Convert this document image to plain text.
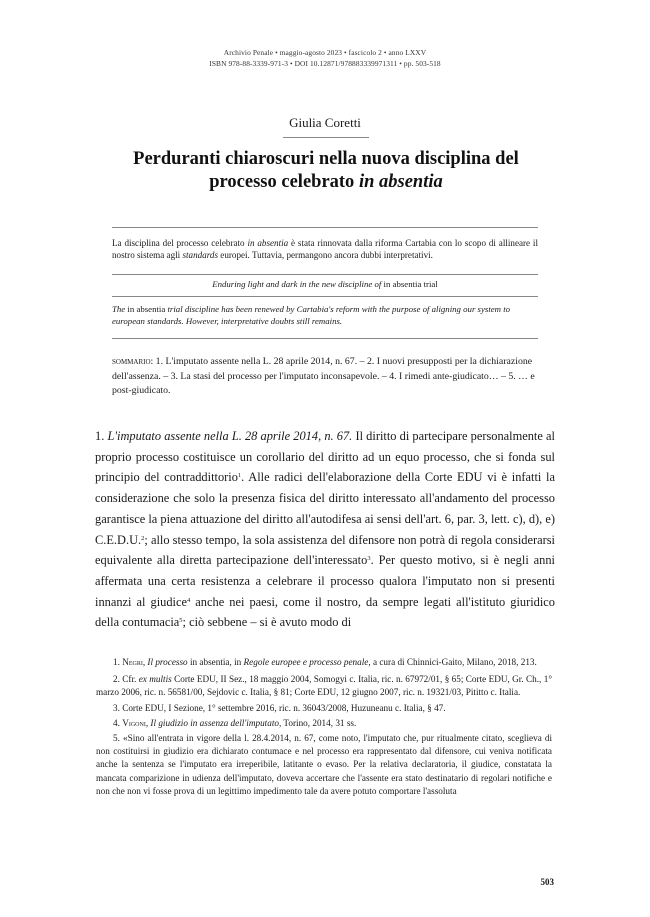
Archivio Penale • maggio-agosto 2023 • fascicolo 2 • anno LXXV
ISBN 978-88-3339-971-3 • DOI 10.12871/978883339971311 • pp. 503-518
Giulia Coretti
Perduranti chiaroscuri nella nuova disciplina del
processo celebrato in absentia
La disciplina del processo celebrato in absentia è stata rinnovata dalla riforma Cartabia con lo scopo di allineare il nostro sistema agli standards europei. Tuttavia, permangono ancora dubbi interpretativi.
Enduring light and dark in the new discipline of in absentia trial
The in absentia trial discipline has been renewed by Cartabia's reform with the purpose of aligning our system to european standards. However, interpretative doubts still remains.
sommario: 1. L'imputato assente nella L. 28 aprile 2014, n. 67. – 2. I nuovi presupposti per la dichiarazione dell'assenza. – 3. La stasi del processo per l'imputato inconsapevole. – 4. I rimedi ante-giudicato… – 5. … e post-giudicato.
1. L'imputato assente nella L. 28 aprile 2014, n. 67. Il diritto di partecipare personalmente al proprio processo costituisce un corollario del diritto ad un equo processo, che si fonda sul principio del contraddittorio$^1$. Alle radici dell'elaborazione della Corte EDU vi è infatti la considerazione che solo la presenza fisica del diritto interessato all'andamento del processo garantisce la piena attuazione del diritto all'autodifesa ai sensi dell'art. 6, par. 3, lett. c), d), e) C.E.D.U.$^2$; allo stesso tempo, la sola assistenza del difensore non potrà di regola considerarsi equivalente alla diretta partecipazione dell'interessato$^3$. Per questo motivo, si è negli anni affermata una certa resistenza a celebrare il processo qualora l'imputato non si presenti innanzi al giudice$^4$ anche nei paesi, come il nostro, da sempre legati all'istituto giuridico della contumacia$^5$; ciò sebbene – si è avuto modo di

1. Negri, Il processo in absentia, in Regole europee e processo penale, a cura di Chinnici-Gaito, Milano, 2018, 213.

2. Cfr. ex multis Corte EDU, II Sez., 18 maggio 2004, Somogyi c. Italia, ric. n. 67972/01, § 65; Corte EDU, Gr. Ch., 1° marzo 2006, ric. n. 56581/00, Sejdovic c. Italia, § 81; Corte EDU, 12 giugno 2007, ric. n. 19321/03, Pititto c. Italia.

3. Corte EDU, I Sezione, 1° settembre 2016, ric. n. 36043/2008, Huzuneanu c. Italia, § 47.

4. Vigoni, Il giudizio in assenza dell'imputato, Torino, 2014, 31 ss.

5. «Sino all'entrata in vigore della l. 28.4.2014, n. 67, come noto, l'imputato che, pur ritualmente citato, sceglieva di non costituirsi in giudizio era dichiarato contumace e nel processo era rappresentato dal difensore, cui veniva notificata anche la sentenza se l'imputato era irreperibile, latitante o evaso. Per la relativa declaratoria, il giudice, constatata la mancata comparizione in udienza dell'imputato, doveva accertare che l'assente era stato destinatario di regolari notifiche e non che non vi fosse prova di un legittimo impedimento tale da avere potuto comportare l'assoluta

503
